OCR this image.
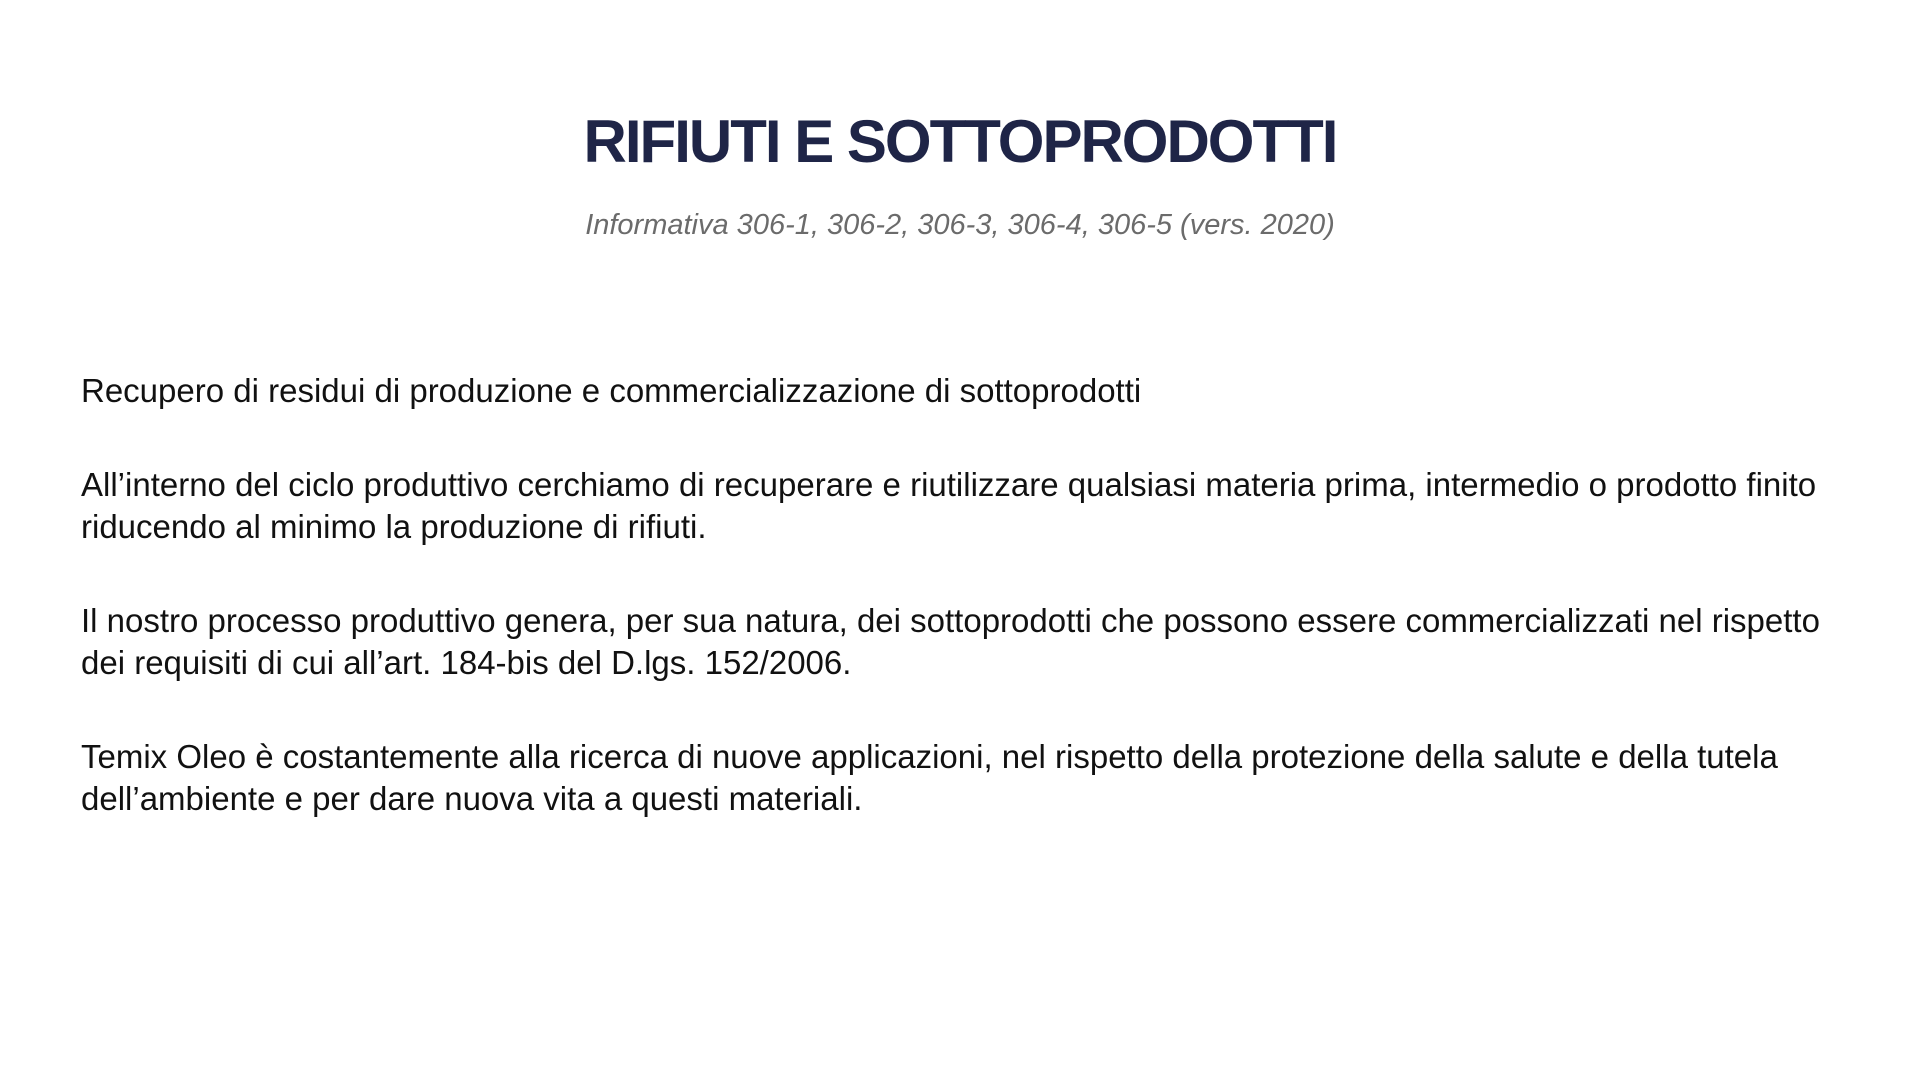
RIFIUTI E SOTTOPRODOTTI
Informativa 306-1, 306-2, 306-3, 306-4, 306-5 (vers. 2020)

Recupero di residui di produzione e commercializzazione di sottoprodotti

All’interno del ciclo produttivo cerchiamo di recuperare e riutilizzare qualsiasi materia prima, intermedio o prodotto finito riducendo al minimo la produzione di rifiuti.

Il nostro processo produttivo genera, per sua natura, dei sottoprodotti che possono essere commercializzati nel rispetto dei requisiti di cui all’art. 184-bis del D.lgs. 152/2006.

Temix Oleo è costantemente alla ricerca di nuove applicazioni, nel rispetto della protezione della salute e della tutela dell’ambiente e per dare nuova vita a questi materiali.
